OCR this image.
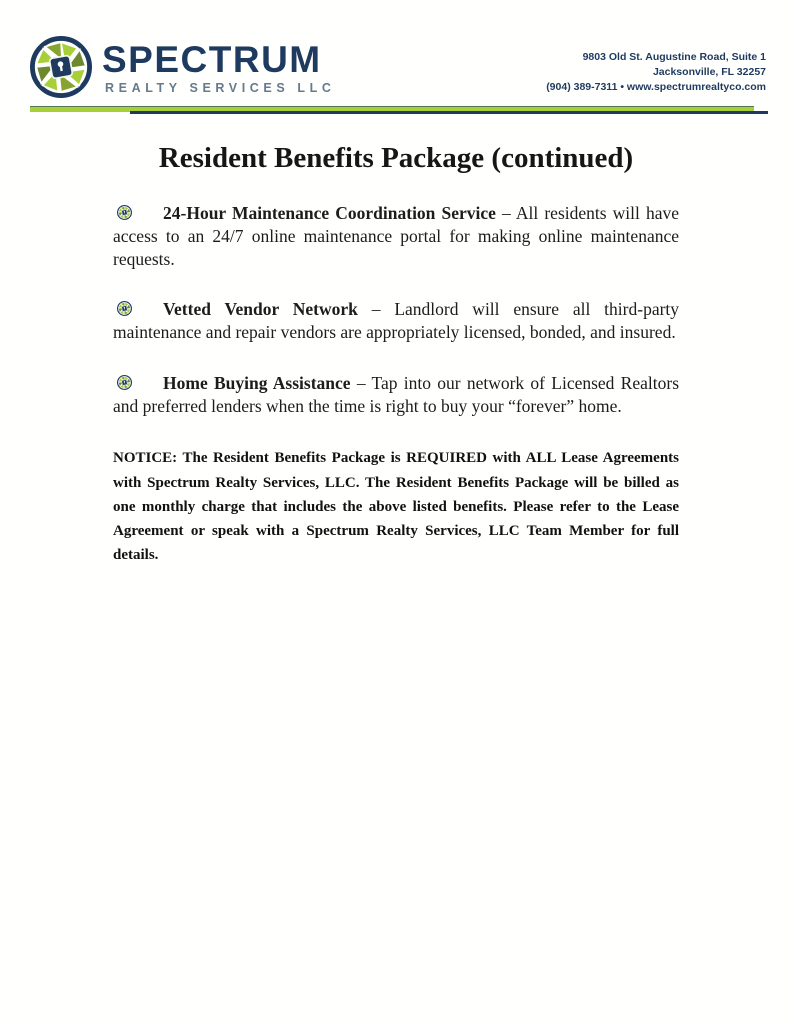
SPECTRUM
REALTY SERVICES LLC
9803 Old St. Augustine Road, Suite 1
Jacksonville, FL 32257
(904) 389-7311 • www.spectrumrealtyco.com
Resident Benefits Package (continued)

24-Hour Maintenance Coordination Service – All residents will have access to an 24/7 online maintenance portal for making online maintenance requests.

Vetted Vendor Network – Landlord will ensure all third-party maintenance and repair vendors are appropriately licensed, bonded, and insured.

Home Buying Assistance – Tap into our network of Licensed Realtors and preferred lenders when the time is right to buy your “forever” home.

NOTICE: The Resident Benefits Package is REQUIRED with ALL Lease Agreements with Spectrum Realty Services, LLC. The Resident Benefits Package will be billed as one monthly charge that includes the above listed benefits. Please refer to the Lease Agreement or speak with a Spectrum Realty Services, LLC Team Member for full details.
